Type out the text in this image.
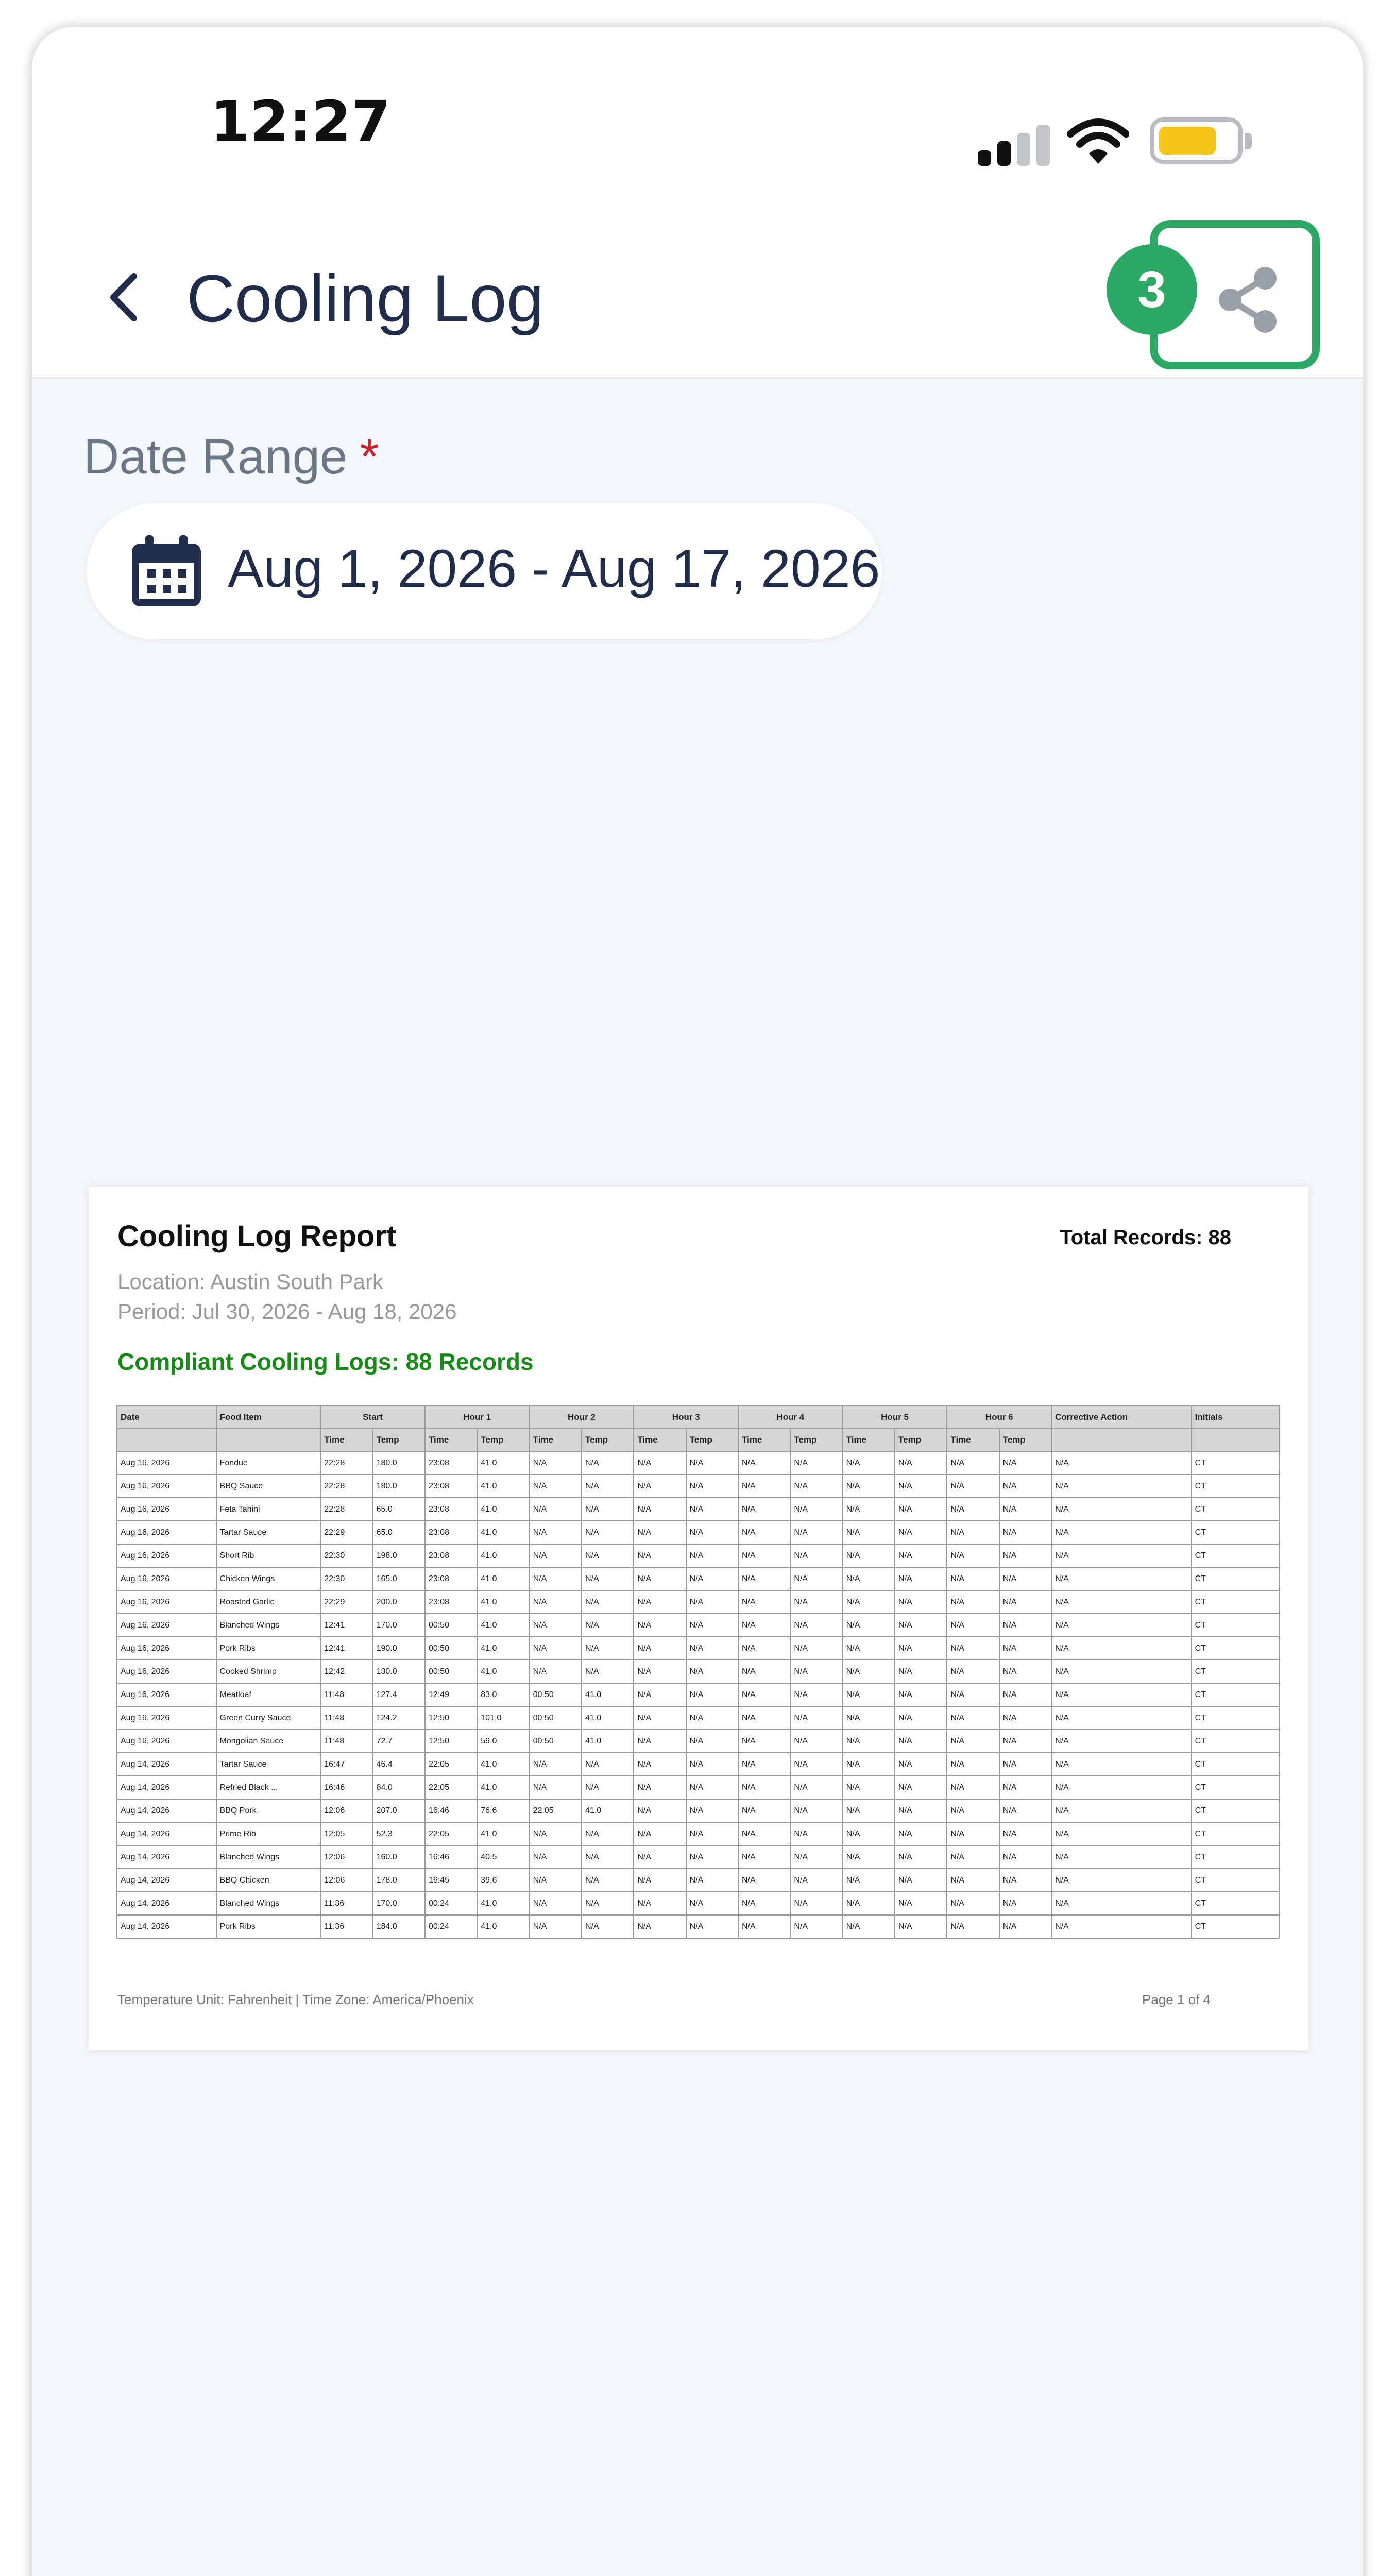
12:27
Cooling Log	3
Date Range *
Aug 1, 2026 - Aug 17, 2026
Cooling Log Report	Total Records: 88
Location: Austin South Park
Period: Jul 30, 2026 - Aug 18, 2026
Compliant Cooling Logs: 88 Records
Date	Food Item	Start		Hour 1		Hour 2		Hour 3		Hour 4		Hour 5		Hour 6		Corrective Action	Initials
		Time	Temp	Time	Temp	Time	Temp	Time	Temp	Time	Temp	Time	Temp	Time	Temp		
Aug 16, 2026	Fondue	22:28	180.0	23:08	41.0	N/A	N/A	N/A	N/A	N/A	N/A	N/A	N/A	N/A	N/A	N/A	CT
Aug 16, 2026	BBQ Sauce	22:28	180.0	23:08	41.0	N/A	N/A	N/A	N/A	N/A	N/A	N/A	N/A	N/A	N/A	N/A	CT
Aug 16, 2026	Feta Tahini	22:28	65.0	23:08	41.0	N/A	N/A	N/A	N/A	N/A	N/A	N/A	N/A	N/A	N/A	N/A	CT
Aug 16, 2026	Tartar Sauce	22:29	65.0	23:08	41.0	N/A	N/A	N/A	N/A	N/A	N/A	N/A	N/A	N/A	N/A	N/A	CT
Aug 16, 2026	Short Rib	22:30	198.0	23:08	41.0	N/A	N/A	N/A	N/A	N/A	N/A	N/A	N/A	N/A	N/A	N/A	CT
Aug 16, 2026	Chicken Wings	22:30	165.0	23:08	41.0	N/A	N/A	N/A	N/A	N/A	N/A	N/A	N/A	N/A	N/A	N/A	CT
Aug 16, 2026	Roasted Garlic	22:29	200.0	23:08	41.0	N/A	N/A	N/A	N/A	N/A	N/A	N/A	N/A	N/A	N/A	N/A	CT
Aug 16, 2026	Blanched Wings	12:41	170.0	00:50	41.0	N/A	N/A	N/A	N/A	N/A	N/A	N/A	N/A	N/A	N/A	N/A	CT
Aug 16, 2026	Pork Ribs	12:41	190.0	00:50	41.0	N/A	N/A	N/A	N/A	N/A	N/A	N/A	N/A	N/A	N/A	N/A	CT
Aug 16, 2026	Cooked Shrimp	12:42	130.0	00:50	41.0	N/A	N/A	N/A	N/A	N/A	N/A	N/A	N/A	N/A	N/A	N/A	CT
Aug 16, 2026	Meatloaf	11:48	127.4	12:49	83.0	00:50	41.0	N/A	N/A	N/A	N/A	N/A	N/A	N/A	N/A	N/A	CT
Aug 16, 2026	Green Curry Sauce	11:48	124.2	12:50	101.0	00:50	41.0	N/A	N/A	N/A	N/A	N/A	N/A	N/A	N/A	N/A	CT
Aug 16, 2026	Mongolian Sauce	11:48	72.7	12:50	59.0	00:50	41.0	N/A	N/A	N/A	N/A	N/A	N/A	N/A	N/A	N/A	CT
Aug 14, 2026	Tartar Sauce	16:47	46.4	22:05	41.0	N/A	N/A	N/A	N/A	N/A	N/A	N/A	N/A	N/A	N/A	N/A	CT
Aug 14, 2026	Refried Black ...	16:46	84.0	22:05	41.0	N/A	N/A	N/A	N/A	N/A	N/A	N/A	N/A	N/A	N/A	N/A	CT
Aug 14, 2026	BBQ Pork	12:06	207.0	16:46	76.6	22:05	41.0	N/A	N/A	N/A	N/A	N/A	N/A	N/A	N/A	N/A	CT
Aug 14, 2026	Prime Rib	12:05	52.3	22:05	41.0	N/A	N/A	N/A	N/A	N/A	N/A	N/A	N/A	N/A	N/A	N/A	CT
Aug 14, 2026	Blanched Wings	12:06	160.0	16:46	40.5	N/A	N/A	N/A	N/A	N/A	N/A	N/A	N/A	N/A	N/A	N/A	CT
Aug 14, 2026	BBQ Chicken	12:06	178.0	16:45	39.6	N/A	N/A	N/A	N/A	N/A	N/A	N/A	N/A	N/A	N/A	N/A	CT
Aug 14, 2026	Blanched Wings	11:36	170.0	00:24	41.0	N/A	N/A	N/A	N/A	N/A	N/A	N/A	N/A	N/A	N/A	N/A	CT
Aug 14, 2026	Pork Ribs	11:36	184.0	00:24	41.0	N/A	N/A	N/A	N/A	N/A	N/A	N/A	N/A	N/A	N/A	N/A	CT
Temperature Unit: Fahrenheit | Time Zone: America/Phoenix	Page 1 of 4
